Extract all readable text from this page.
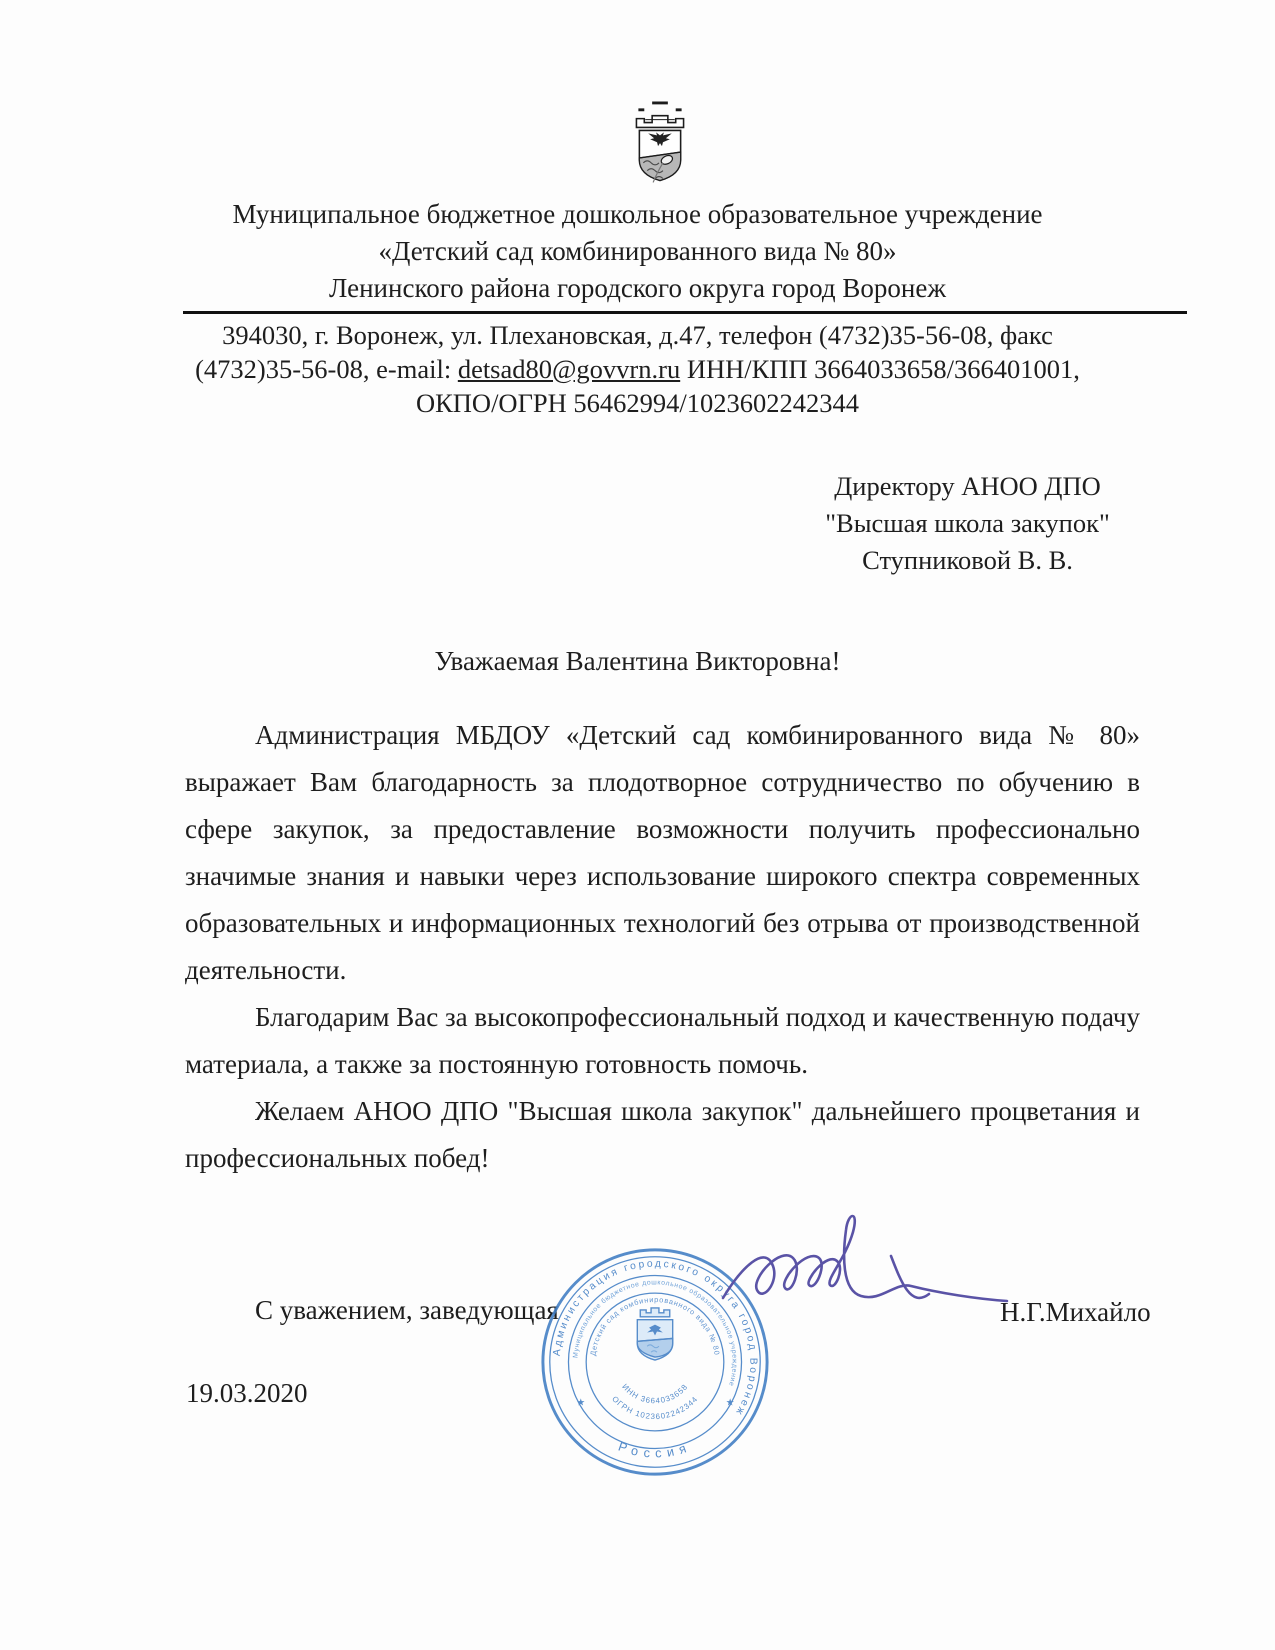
Муниципальное бюджетное дошкольное образовательное учреждение
«Детский сад комбинированного вида № 80»
Ленинского района городского округа город Воронеж
394030, г. Воронеж, ул. Плехановская, д.47, телефон (4732)35-56-08, факс
(4732)35-56-08, e-mail: detsad80@govvrn.ru ИНН/КПП 3664033658/366401001,
ОКПО/ОГРН 56462994/1023602242344
Директору АНОО ДПО
"Высшая школа закупок"
Ступниковой В. В.
Уважаемая Валентина Викторовна!

Администрация МБДОУ «Детский сад комбинированного вида № 80» выражает Вам благодарность за плодотворное сотрудничество по обучению в сфере закупок, за предоставление возможности получить профессионально значимые знания и навыки через использование широкого спектра современных образовательных и информационных технологий без отрыва от производственной деятельности.

Благодарим Вас за высокопрофессиональный подход и качественную подачу материала, а также за постоянную готовность помочь.

Желаем АНОО ДПО "Высшая школа закупок" дальнейшего процветания и профессиональных побед!

С уважением, заведующая	Н.Г.Михайло
19.03.2020
Администрация городского округа город Воронеж
Россия
Муниципальное бюджетное дошкольное образовательное учреждение
Детский сад комбинированного вида № 80
ОГРН 1023602242344
ИНН 3664033658
★	★
